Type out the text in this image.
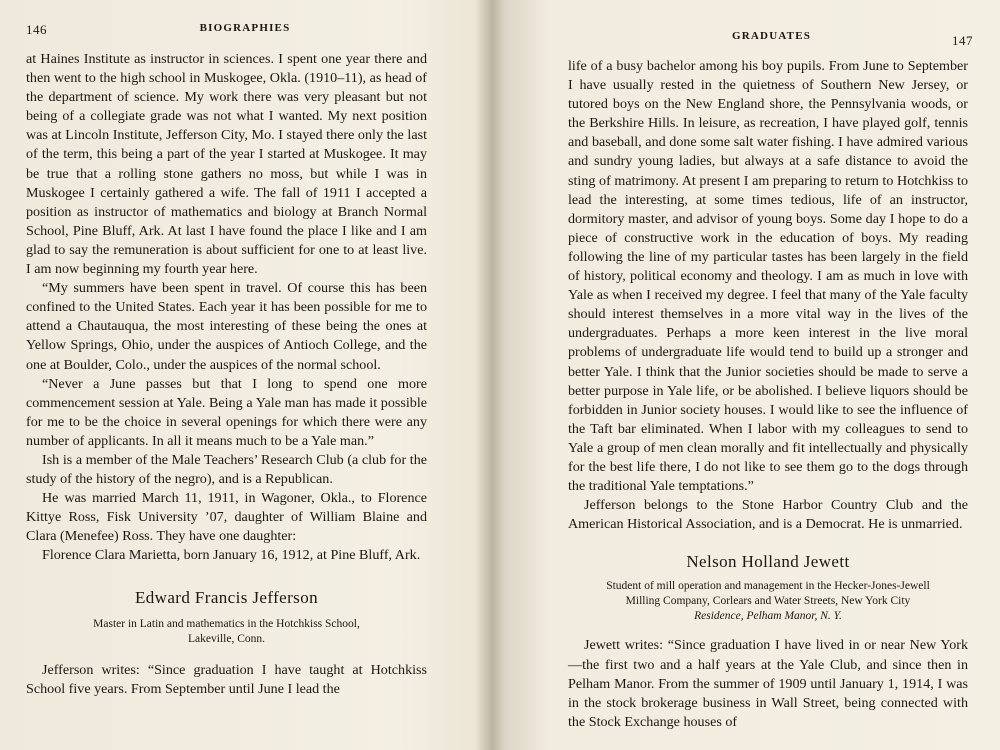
146	BIOGRAPHIES

at Haines Institute as instructor in sciences. I spent one year there and then went to the high school in Muskogee, Okla. (1910–11), as head of the department of science. My work there was very pleasant but not being of a collegiate grade was not what I wanted. My next position was at Lincoln Institute, Jefferson City, Mo. I stayed there only the last of the term, this being a part of the year I started at Muskogee. It may be true that a rolling stone gathers no moss, but while I was in Muskogee I certainly gathered a wife. The fall of 1911 I accepted a position as instructor of mathematics and biology at Branch Normal School, Pine Bluff, Ark. At last I have found the place I like and I am glad to say the remuneration is about sufficient for one to at least live. I am now beginning my fourth year here.

“My summers have been spent in travel. Of course this has been confined to the United States. Each year it has been possible for me to attend a Chautauqua, the most interesting of these being the ones at Yellow Springs, Ohio, under the auspices of Antioch College, and the one at Boulder, Colo., under the auspices of the normal school.

“Never a June passes but that I long to spend one more commencement session at Yale. Being a Yale man has made it possible for me to be the choice in several openings for which there were any number of applicants. In all it means much to be a Yale man.”

Ish is a member of the Male Teachers’ Research Club (a club for the study of the history of the negro), and is a Republican.

He was married March 11, 1911, in Wagoner, Okla., to Florence Kittye Ross, Fisk University ’07, daughter of William Blaine and Clara (Menefee) Ross. They have one daughter:

Florence Clara Marietta, born January 16, 1912, at Pine Bluff, Ark.

Edward Francis Jefferson

Master in Latin and mathematics in the Hotchkiss School,

Lakeville, Conn.

Jefferson writes: “Since graduation I have taught at Hotchkiss School five years. From September until June I lead the

GRADUATES	147

life of a busy bachelor among his boy pupils. From June to September I have usually rested in the quietness of Southern New Jersey, or tutored boys on the New England shore, the Pennsylvania woods, or the Berkshire Hills. In leisure, as recreation, I have played golf, tennis and baseball, and done some salt water fishing. I have admired various and sundry young ladies, but always at a safe distance to avoid the sting of matrimony. At present I am preparing to return to Hotchkiss to lead the interesting, at some times tedious, life of an instructor, dormitory master, and advisor of young boys. Some day I hope to do a piece of constructive work in the education of boys. My reading following the line of my particular tastes has been largely in the field of history, political economy and theology. I am as much in love with Yale as when I received my degree. I feel that many of the Yale faculty should interest themselves in a more vital way in the lives of the undergraduates. Perhaps a more keen interest in the live moral problems of undergraduate life would tend to build up a stronger and better Yale. I think that the Junior societies should be made to serve a better purpose in Yale life, or be abolished. I believe liquors should be forbidden in Junior society houses. I would like to see the influence of the Taft bar eliminated. When I labor with my colleagues to send to Yale a group of men clean morally and fit intellectually and physically for the best life there, I do not like to see them go to the dogs through the traditional Yale temptations.”

Jefferson belongs to the Stone Harbor Country Club and the American Historical Association, and is a Democrat. He is unmarried.

Nelson Holland Jewett

Student of mill operation and management in the Hecker-Jones-Jewell

Milling Company, Corlears and Water Streets, New York City

Residence, Pelham Manor, N. Y.

Jewett writes: “Since graduation I have lived in or near New York—the first two and a half years at the Yale Club, and since then in Pelham Manor. From the summer of 1909 until January 1, 1914, I was in the stock brokerage business in Wall Street, being connected with the Stock Exchange houses of
